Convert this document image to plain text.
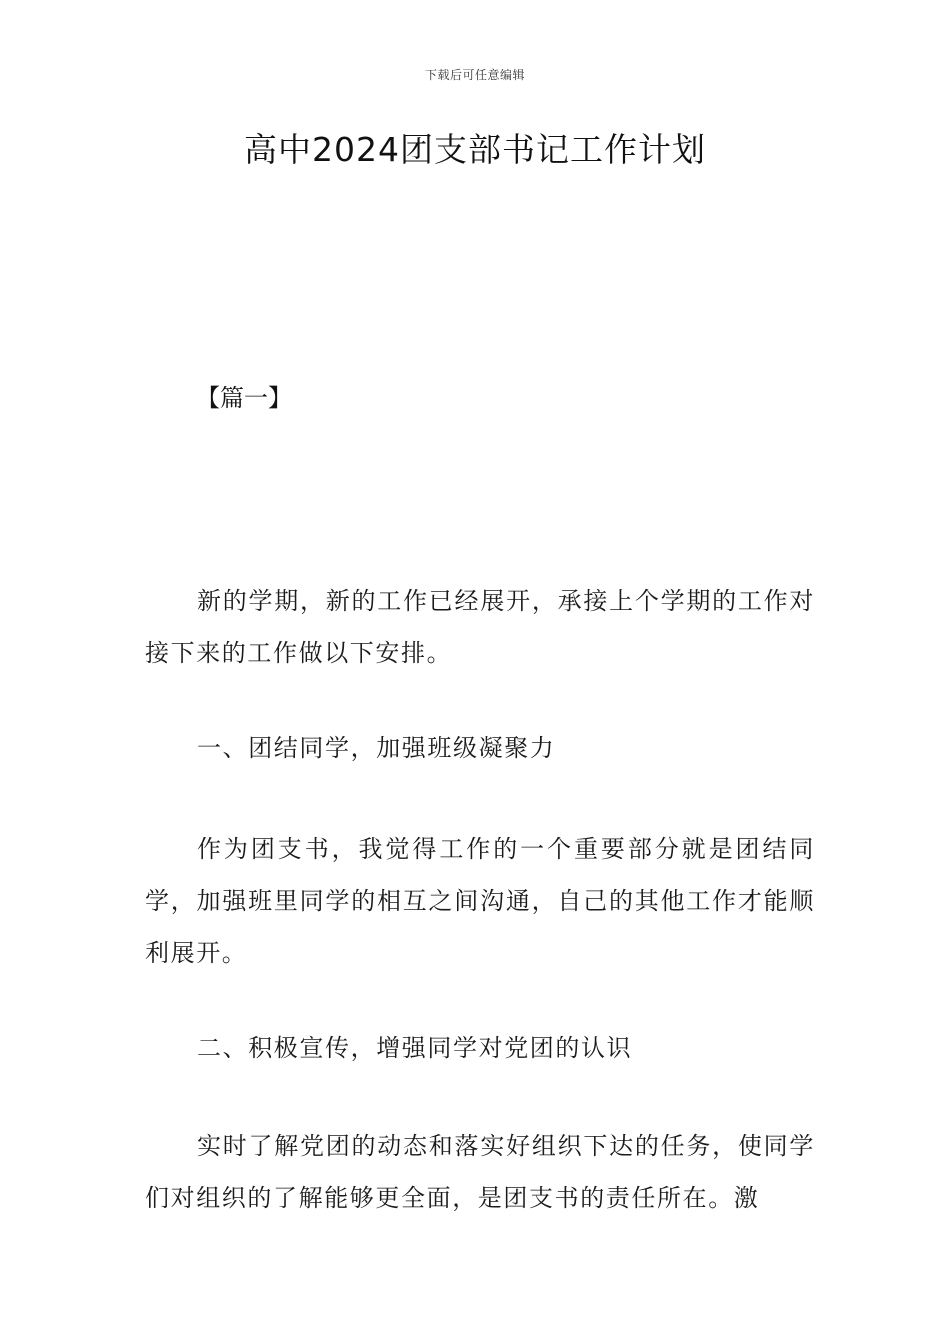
下载后可任意编辑
高中2024团支部书记工作计划
【篇一】

新的学期，新的工作已经展开，承接上个学期的工作对接下来的工作做以下安排。

一、团结同学，加强班级凝聚力

作为团支书，我觉得工作的一个重要部分就是团结同学，加强班里同学的相互之间沟通，自己的其他工作才能顺利展开。

二、积极宣传，增强同学对党团的认识

实时了解党团的动态和落实好组织下达的任务，使同学们对组织的了解能够更全面，是团支书的责任所在。激
